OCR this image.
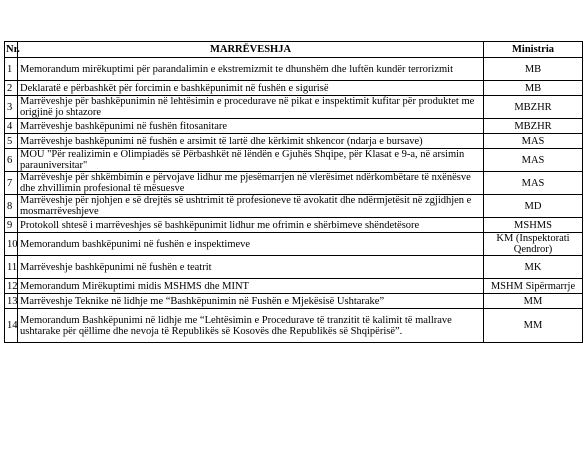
Nr.	MARRËVESHJA	Ministria
1	Memorandum mirëkuptimi për parandalimin e ekstremizmit te dhunshëm dhe luftën kundër terrorizmit	MB
2	Deklaratë e përbashkët për forcimin e bashkëpunimit në fushën e sigurisë	MB
3	Marrëveshje për bashkëpunimin në lehtësimin e procedurave në pikat e inspektimit kufitar për produktet me origjinë jo shtazore	MBZHR
4	Marrëveshje bashkëpunimi në fushën fitosanitare	MBZHR
5	Marrëveshje bashkëpunimi në fushën e arsimit të lartë dhe kërkimit shkencor (ndarja e bursave)	MAS
6	MOU "Për realizimin e Olimpiadës së Përbashkët në lëndën e Gjuhës Shqipe, për Klasat e 9-a, në arsimin parauniversitar"	MAS
7	Marrëveshje për shkëmbimin e përvojave lidhur me pjesëmarrjen në vlerësimet ndërkombëtare të nxënësve dhe zhvillimin profesional të mësuesve	MAS
8	Marrëveshje për njohjen e së drejtës së ushtrimit të profesioneve të avokatit dhe ndërmjetësit në zgjidhjen e mosmarrëveshjeve	MD
9	Protokoll shtesë i marrëveshjes së bashkëpunimit lidhur me ofrimin e shërbimeve shëndetësore	MSHMS
10	Memorandum bashkëpunimi në fushën e inspektimeve	KM (Inspektorati Qendror)
11	Marrëveshje bashkëpunimi në fushën e teatrit	MK
12	Memorandum Mirëkuptimi midis MSHMS dhe MINT	MSHM Sipërmarrje
13	Marrëveshje Teknike në lidhje me “Bashkëpunimin në Fushën e Mjekësisë Ushtarake”	MM
14	Memorandum Bashkëpunimi në lidhje me “Lehtësimin e Procedurave të tranzitit të kalimit të mallrave ushtarake për qëllime dhe nevoja të Republikës së Kosovës dhe Republikës së Shqipërisë”.	MM
